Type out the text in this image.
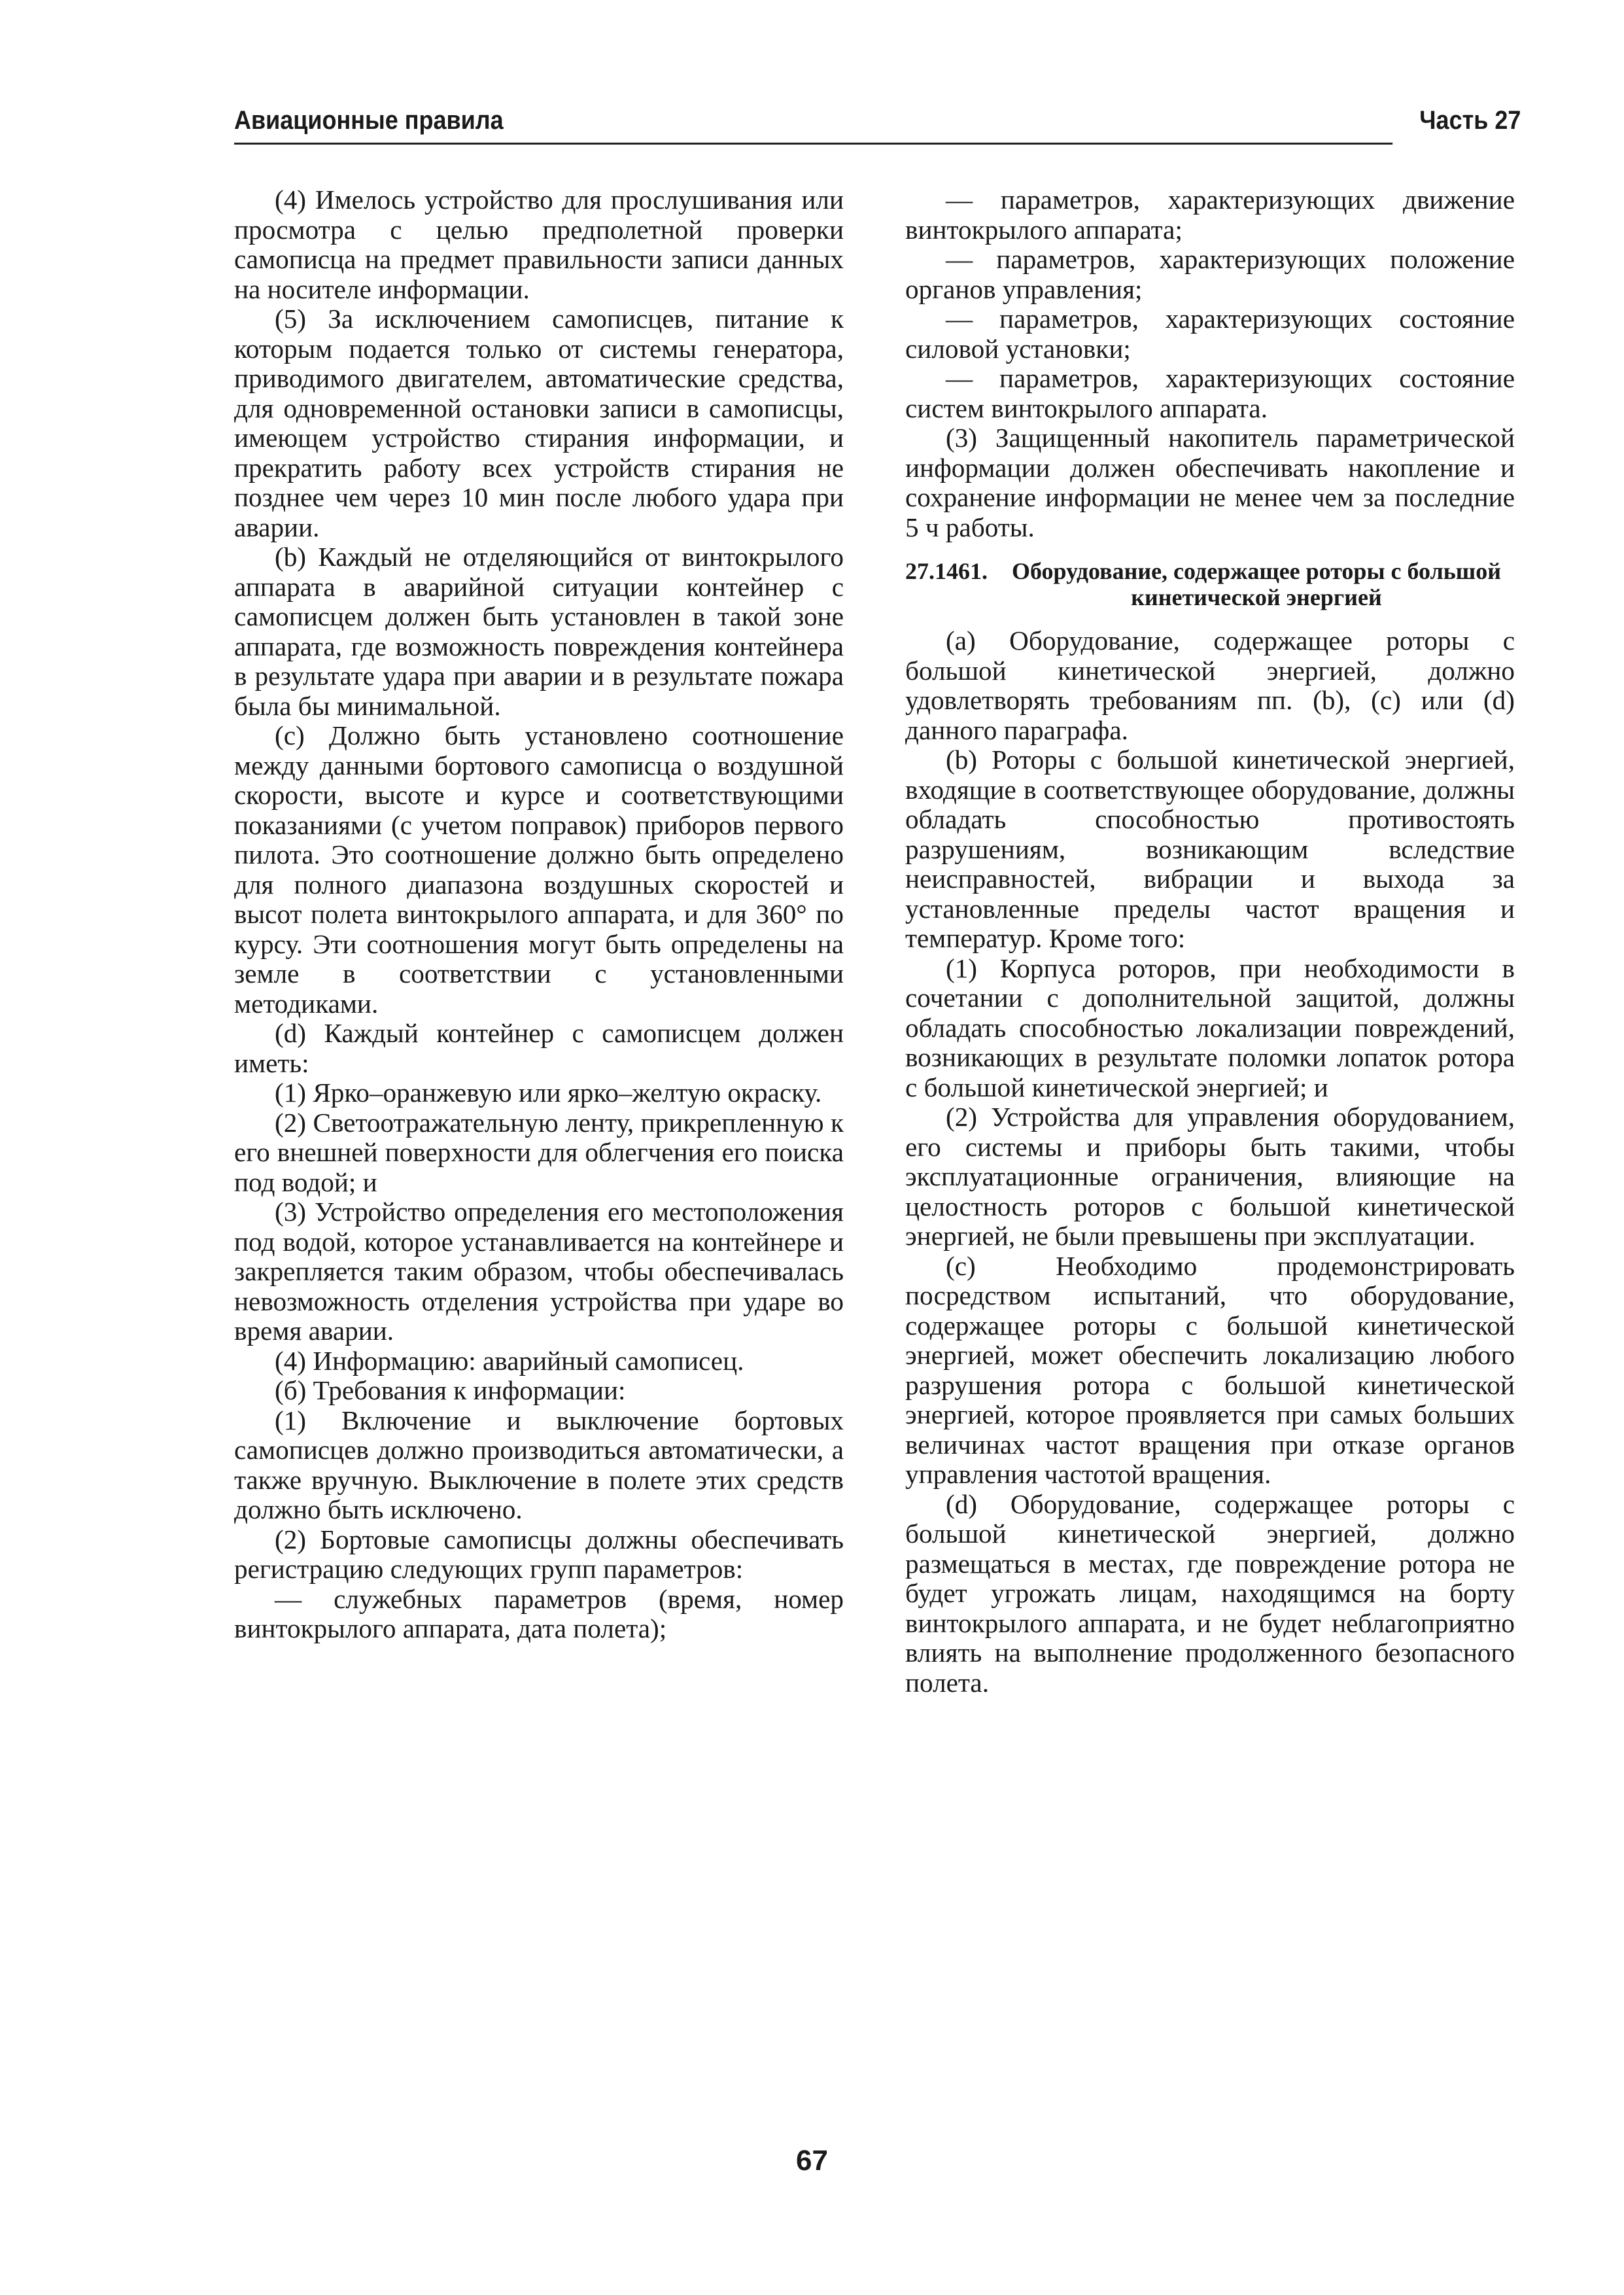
Авиационные правила	Часть 27

(4) Имелось устройство для прослушивания или просмотра с целью предполетной проверки самописца на предмет правильности записи данных на носителе информации.

(5) За исключением самописцев, питание к которым подается только от системы генератора, приводимого двигателем, автоматические средства, для одновременной остановки записи в самописцы, имеющем устройство стирания информации, и прекратить работу всех устройств стирания не позднее чем через 10 мин после любого удара при аварии.

(b) Каждый не отделяющийся от винтокрылого аппарата в аварийной ситуации контейнер с самописцем должен быть установлен в такой зоне аппарата, где возможность повреждения контейнера в результате удара при аварии и в результате пожара была бы минимальной.

(c) Должно быть установлено соотношение между данными бортового самописца о воздушной скорости, высоте и курсе и соответствующими показаниями (с учетом поправок) приборов первого пилота. Это соотношение должно быть определено для полного диапазона воздушных скоростей и высот полета винтокрылого аппарата, и для 360° по курсу. Эти соотношения могут быть определены на земле в соответствии с установленными методиками.

(d) Каждый контейнер с самописцем должен иметь:

(1) Ярко–оранжевую или ярко–желтую окраску.

(2) Светоотражательную ленту, прикрепленную к его внешней поверхности для облегчения его поиска под водой; и

(3) Устройство определения его местоположения под водой, которое устанавливается на контейнере и закрепляется таким образом, чтобы обеспечивалась невозможность отделения устройства при ударе во время аварии.

(4) Информацию: аварийный самописец.

(б) Требования к информации:

(1) Включение и выключение бортовых самописцев должно производиться автоматически, а также вручную. Выключение в полете этих средств должно быть исключено.

(2) Бортовые самописцы должны обеспечивать регистрацию следующих групп параметров:

— служебных параметров (время, номер винтокрылого аппарата, дата полета);

— параметров, характеризующих движение винтокрылого аппарата;

— параметров, характеризующих положение органов управления;

— параметров, характеризующих состояние силовой установки;

— параметров, характеризующих состояние систем винтокрылого аппарата.

(3) Защищенный накопитель параметрической информации должен обеспечивать накопление и сохранение информации не менее чем за последние 5 ч работы.

27.1461.	Оборудование, содержащее роторы с большой кинетической энергией

(a) Оборудование, содержащее роторы с большой кинетической энергией, должно удовлетворять требованиям пп. (b), (c) или (d) данного параграфа.

(b) Роторы с большой кинетической энергией, входящие в соответствующее оборудование, должны обладать способностью противостоять разрушениям, возникающим вследствие неисправностей, вибрации и выхода за установленные пределы частот вращения и температур. Кроме того:

(1) Корпуса роторов, при необходимости в сочетании с дополнительной защитой, должны обладать способностью локализации повреждений, возникающих в результате поломки лопаток ротора с большой кинетической энергией; и

(2) Устройства для управления оборудованием, его системы и приборы быть такими, чтобы эксплуатационные ограничения, влияющие на целостность роторов с большой кинетической энергией, не были превышены при эксплуатации.

(c) Необходимо продемонстрировать посредством испытаний, что оборудование, содержащее роторы с большой кинетической энергией, может обеспечить локализацию любого разрушения ротора с большой кинетической энергией, которое проявляется при самых больших величинах частот вращения при отказе органов управления частотой вращения.

(d) Оборудование, содержащее роторы с большой кинетической энергией, должно размещаться в местах, где повреждение ротора не будет угрожать лицам, находящимся на борту винтокрылого аппарата, и не будет неблагоприятно влиять на выполнение продолженного безопасного полета.

67
